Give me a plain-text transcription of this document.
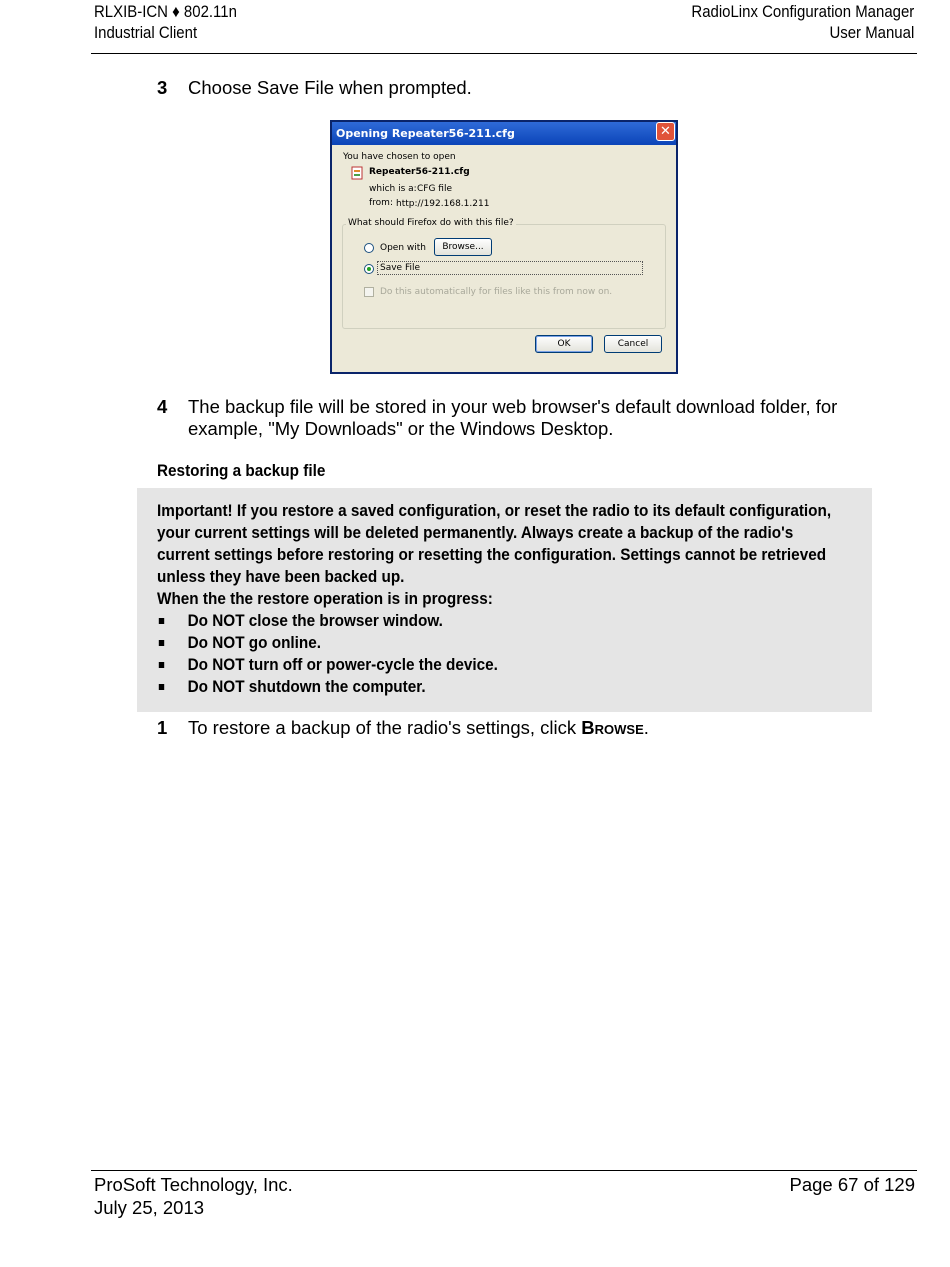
RLXIB-ICN ♦ 802.11n
Industrial Client
RadioLinx Configuration Manager
User Manual
3 Choose Save File when prompted.
Opening Repeater56-211.cfg	✕
You have chosen to open
Repeater56-211.cfg
which is a: CFG file
from: http://192.168.1.211
What should Firefox do with this file?
Open with	Browse...
Save File
Do this automatically for files like this from now on.
OK	Cancel
4 The backup file will be stored in your web browser's default download folder, for example, "My Downloads" or the Windows Desktop.
Restoring a backup file

Important! If you restore a saved configuration, or reset the radio to its default configuration, your current settings will be deleted permanently. Always create a backup of the radio's current settings before restoring or resetting the configuration. Settings cannot be retrieved unless they have been backed up.

When the the restore operation is in progress:

Do NOT close the browser window.
Do NOT go online.
Do NOT turn off or power-cycle the device.
Do NOT shutdown the computer.
1 To restore a backup of the radio's settings, click Browse.
ProSoft Technology, Inc.
July 25, 2013
Page 67 of 129
